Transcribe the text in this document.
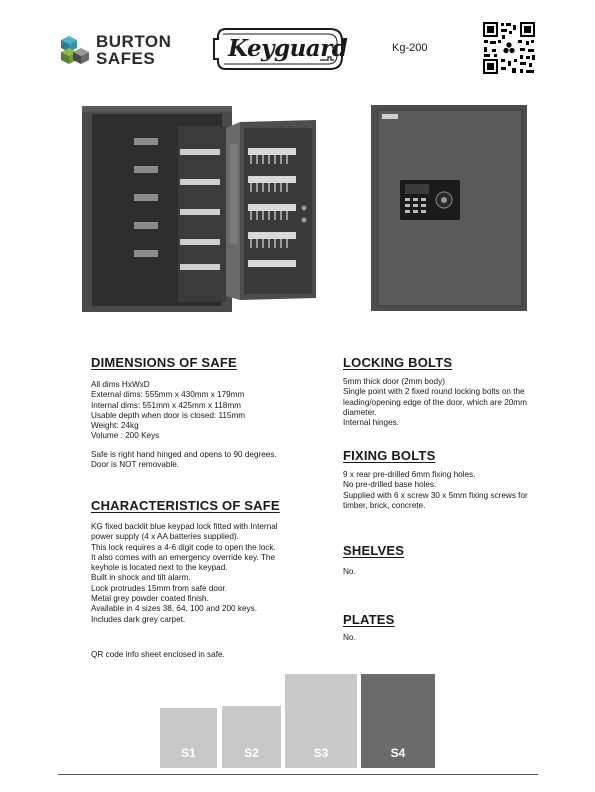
BURTON
SAFES	Keyguard	Kg-200
DIMENSIONS OF SAFE
All dims HxWxD
External dims: 555mm x 430mm x 179mm
Internal dims: 551mm x 425mm x 118mm
Usable depth when door is closed: 115mm
Weight: 24kg
Volume : 200 Keys
Safe is right hand hinged and opens to 90 degrees.
Door is NOT removable.
CHARACTERISTICS OF SAFE
KG fixed backlit blue keypad lock fitted with Internal
power supply (4 x AA batteries supplied).
This lock requires a 4-6 digit code to open the lock.
It also comes with an emergency override key. The
keyhole is located next to the keypad.
Built in shock and tilt alarm.
Lock protrudes 15mm from safe door.
Metal grey powder coated finish.
Available in 4 sizes 38, 64, 100 and 200 keys.
Includes dark grey carpet.
QR code info sheet enclosed in safe.
LOCKING BOLTS
5mm thick door (2mm body)
Single point with 2 fixed round locking bolts on the
leading/opening edge of the door, which are 20mm
diameter.
Internal hinges.
FIXING BOLTS
9 x rear pre-drilled 6mm fixing holes.
No pre-drilled base holes.
Supplied with 6 x screw 30 x 5mm fixing screws for
timber, brick, concrete.
SHELVES
No.
PLATES
No.
S1	S2	S3	S4
